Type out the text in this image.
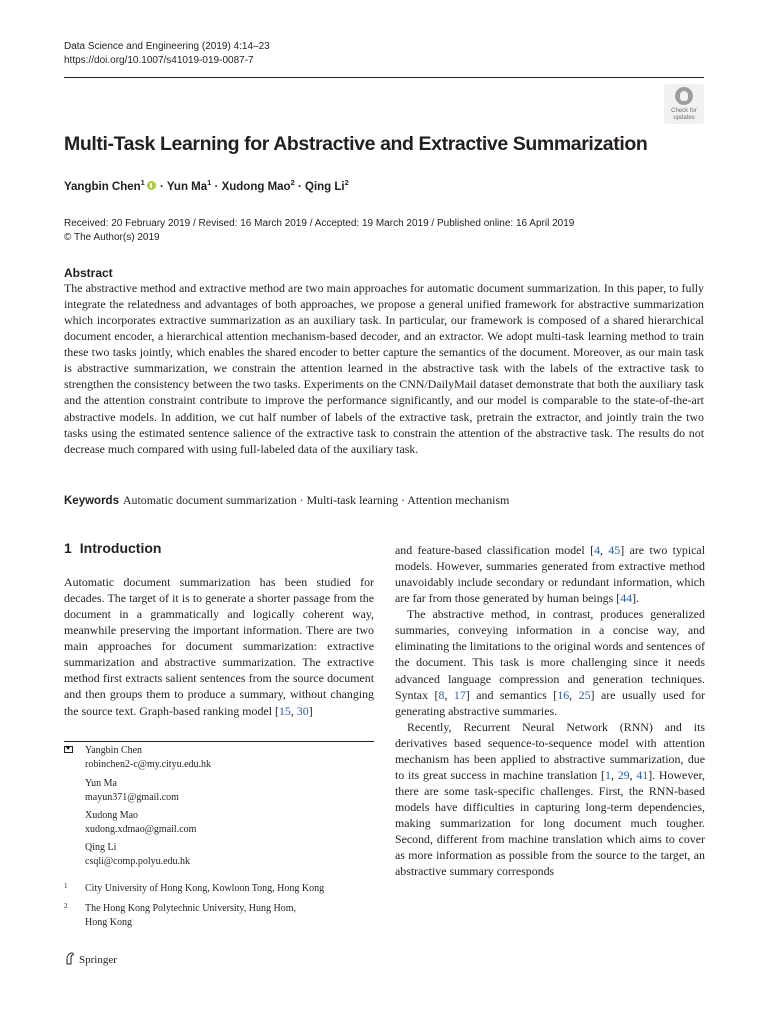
Data Science and Engineering (2019) 4:14–23
https://doi.org/10.1007/s41019-019-0087-7
Check for
updates
Multi-Task Learning for Abstractive and Extractive Summarization
Yangbin Chen$^1$ · Yun $Ma^1$ · Xudong Mao$^2$ · Qing Li$^2$
Received: 20 February 2019 / Revised: 16 March 2019 / Accepted: 19 March 2019 / Published online: 16 April 2019
© The Author(s) 2019
Abstract
The abstractive method and extractive method are two main approaches for automatic document summarization. In this paper, to fully integrate the relatedness and advantages of both approaches, we propose a general unified framework for abstractive summarization which incorporates extractive summarization as an auxiliary task. In particular, our framework is composed of a shared hierarchical document encoder, a hierarchical attention mechanism-based decoder, and an extractor. We adopt multi-task learning method to train these two tasks jointly, which enables the shared encoder to better capture the semantics of the document. Moreover, as our main task is abstractive summarization, we constrain the attention learned in the abstractive task with the labels of the extractive task to strengthen the consistency between the two tasks. Experiments on the CNN/DailyMail dataset demonstrate that both the auxiliary task and the attention constraint contribute to improve the performance significantly, and our model is comparable to the state-of-the-art abstractive models. In addition, we cut half number of labels of the extractive task, pretrain the extractor, and jointly train the two tasks using the estimated sentence salience of the extractive task to constrain the attention of the abstractive task. The results do not decrease much compared with using full-labeled data of the auxiliary task.
Keywords Automatic document summarization · Multi-task learning · Attention mechanism
1 Introduction

Automatic document summarization has been studied for decades. The target of it is to generate a shorter passage from the document in a grammatically and logically coherent way, meanwhile preserving the important information. There are two main approaches for document summarization: extractive summarization and abstractive summarization. The extractive method first extracts salient sentences from the source document and then groups them to produce a summary, without changing the source text. Graph-based ranking model [15, 30]

Yangbin Chen
robinchen2-c@my.cityu.edu.hk
Yun Ma
mayun371@gmail.com
Xudong Mao
xudong.xdmao@gmail.com
Qing Li
csqli@comp.polyu.edu.hk
1 City University of Hong Kong, Kowloon Tong, Hong Kong
2 The Hong Kong Polytechnic University, Hung Hom,
Hong Kong

and feature-based classification model [4, 45] are two typical models. However, summaries generated from extractive method unavoidably include secondary or redundant information, which are far from those generated by human beings [44].

The abstractive method, in contrast, produces generalized summaries, conveying information in a concise way, and eliminating the limitations to the original words and sentences of the document. This task is more challenging since it needs advanced language compression and generation techniques. Syntax [8, 17] and semantics [16, 25] are usually used for generating abstractive summaries.

Recently, Recurrent Neural Network (RNN) and its derivatives based sequence-to-sequence model with attention mechanism has been applied to abstractive summarization, due to its great success in machine translation [1, 29, 41]. However, there are some task-specific challenges. First, the RNN-based models have difficulties in capturing long-term dependencies, making summarization for long document much tougher. Second, different from machine translation which aims to cover as more information as possible from the source to the target, an abstractive summary corresponds

Springer
